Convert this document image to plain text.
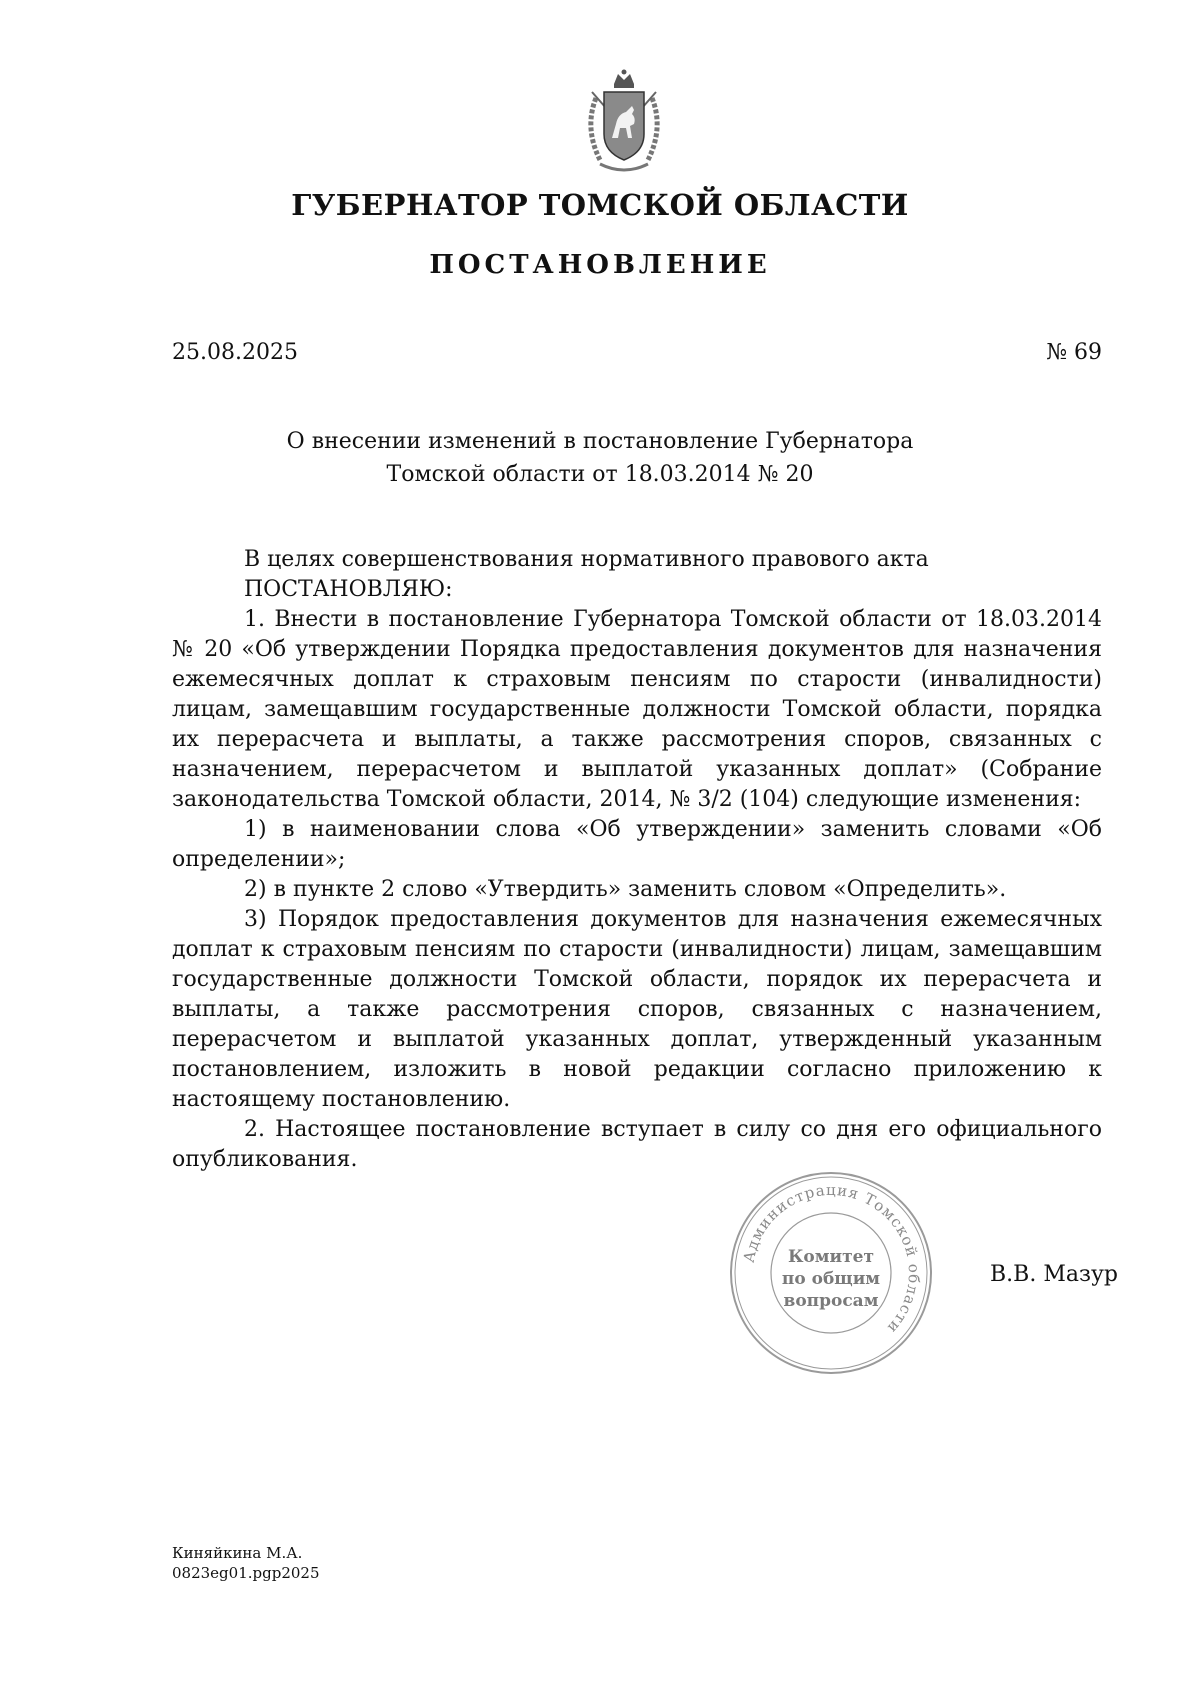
ГУБЕРНАТОР ТОМСКОЙ ОБЛАСТИ
ПОСТАНОВЛЕНИЕ
25.08.2025	№ 69
О внесении изменений в постановление Губернатора
Томской области от 18.03.2014 № 20

В целях совершенствования нормативного правового акта

ПОСТАНОВЛЯЮ:

1. Внести в постановление Губернатора Томской области от 18.03.2014 № 20 «Об утверждении Порядка предоставления документов для назначения ежемесячных доплат к страховым пенсиям по старости (инвалидности) лицам, замещавшим государственные должности Томской области, порядка их перерасчета и выплаты, а также рассмотрения споров, связанных с назначением, перерасчетом и выплатой указанных доплат» (Собрание законодательства Томской области, 2014, № 3/2 (104) следующие изменения:

1) в наименовании слова «Об утверждении» заменить словами «Об определении»;

2) в пункте 2 слово «Утвердить» заменить словом «Определить».

3) Порядок предоставления документов для назначения ежемесячных доплат к страховым пенсиям по старости (инвалидности) лицам, замещавшим государственные должности Томской области, порядок их перерасчета и выплаты, а также рассмотрения споров, связанных с назначением, перерасчетом и выплатой указанных доплат, утвержденный указанным постановлением, изложить в новой редакции согласно приложению к настоящему постановлению.

2. Настоящее постановление вступает в силу со дня его официального опубликования.

Администрация Томской области
Комитет
по общим
вопросам
В.В. Мазур
Киняйкина М.А.
0823eg01.pgp2025
